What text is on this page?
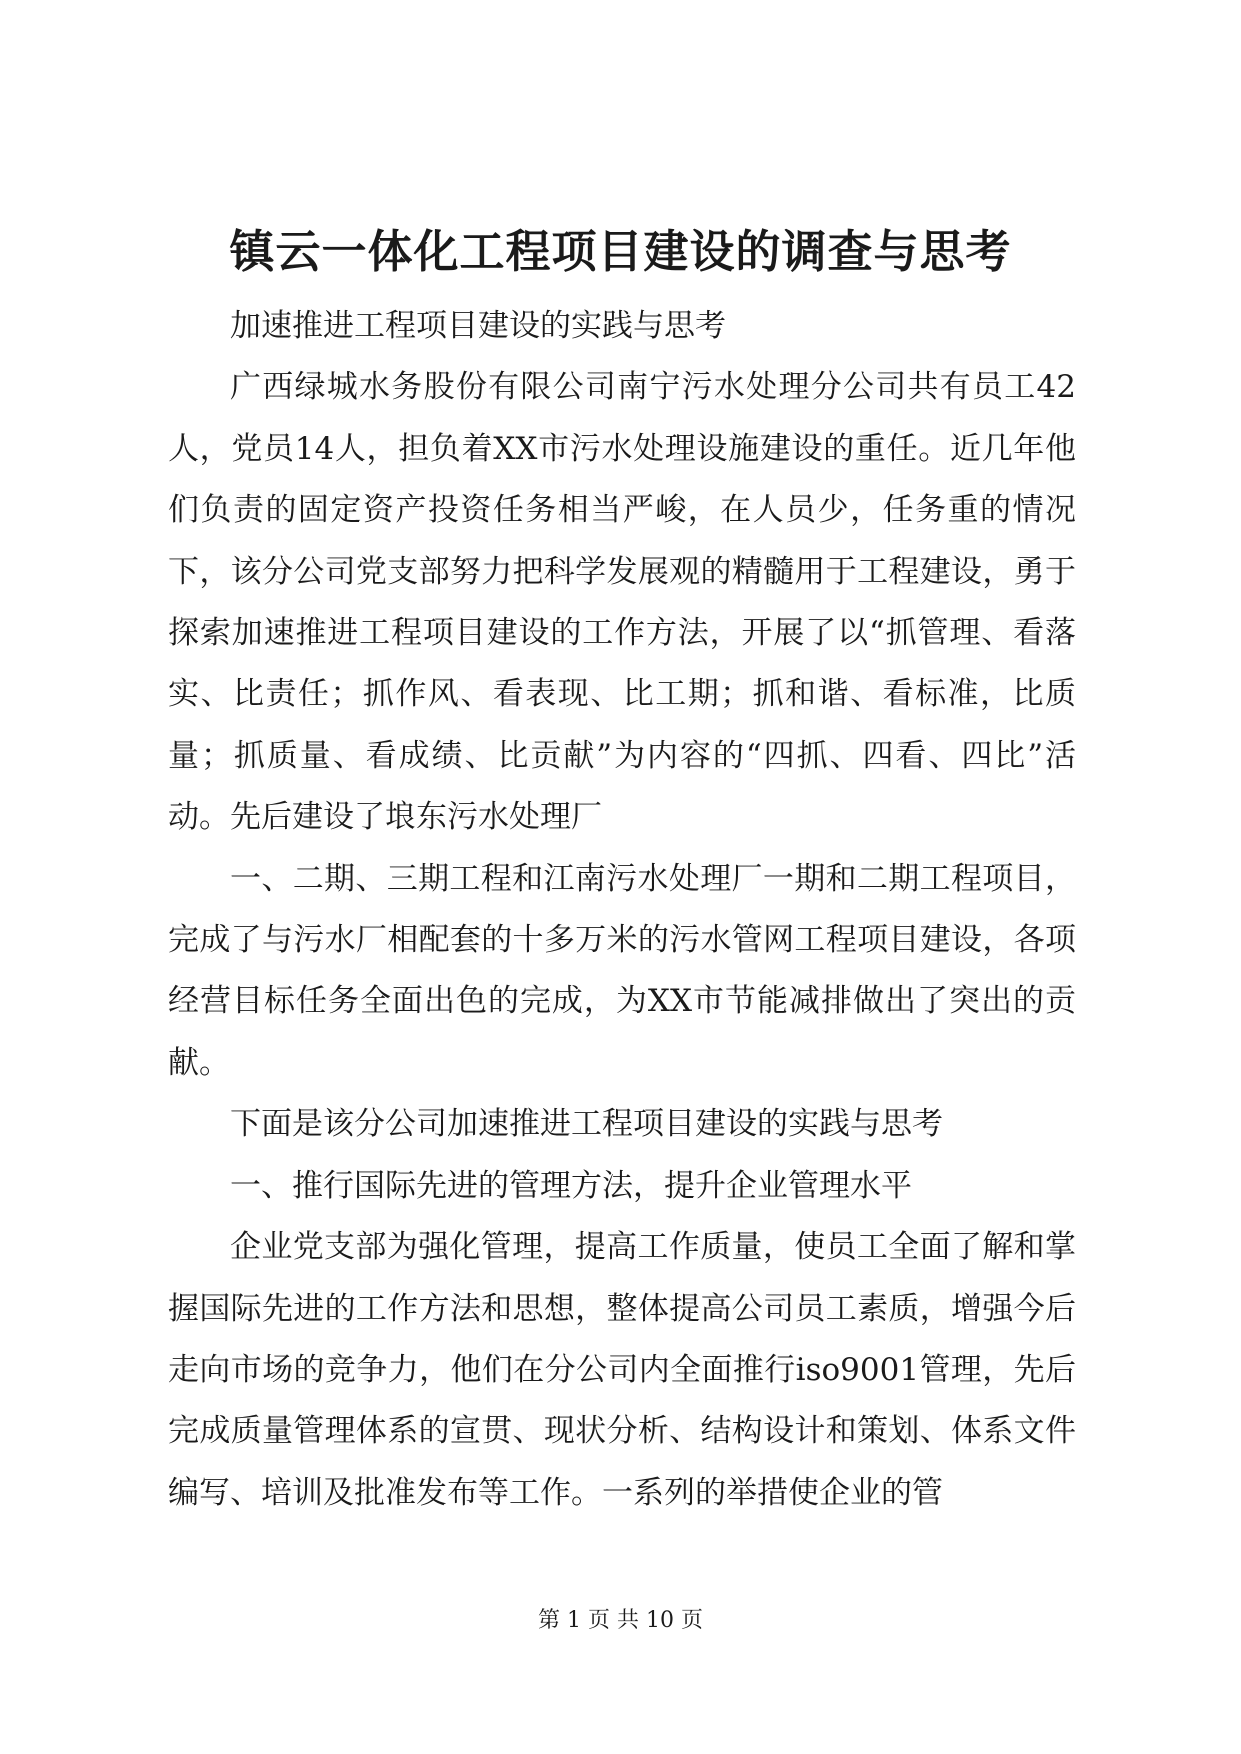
镇云一体化工程项目建设的调查与思考

加速推进工程项目建设的实践与思考

广西绿城水务股份有限公司南宁污水处理分公司共有员工42人，党员14人，担负着XX市污水处理设施建设的重任。近几年他们负责的固定资产投资任务相当严峻，在人员少，任务重的情况下，该分公司党支部努力把科学发展观的精髓用于工程建设，勇于探索加速推进工程项目建设的工作方法，开展了以“抓管理、看落实、比责任；抓作风、看表现、比工期；抓和谐、看标准，比质量；抓质量、看成绩、比贡献”为内容的“四抓、四看、四比”活动。先后建设了埌东污水处理厂

一、二期、三期工程和江南污水处理厂一期和二期工程项目，完成了与污水厂相配套的十多万米的污水管网工程项目建设，各项经营目标任务全面出色的完成，为XX市节能减排做出了突出的贡献。

下面是该分公司加速推进工程项目建设的实践与思考

一、推行国际先进的管理方法，提升企业管理水平

企业党支部为强化管理，提高工作质量，使员工全面了解和掌握国际先进的工作方法和思想，整体提高公司员工素质，增强今后走向市场的竞争力，他们在分公司内全面推行iso9001管理，先后完成质量管理体系的宣贯、现状分析、结构设计和策划、体系文件编写、培训及批准发布等工作。一系列的举措使企业的管

第 1 页 共 10 页
